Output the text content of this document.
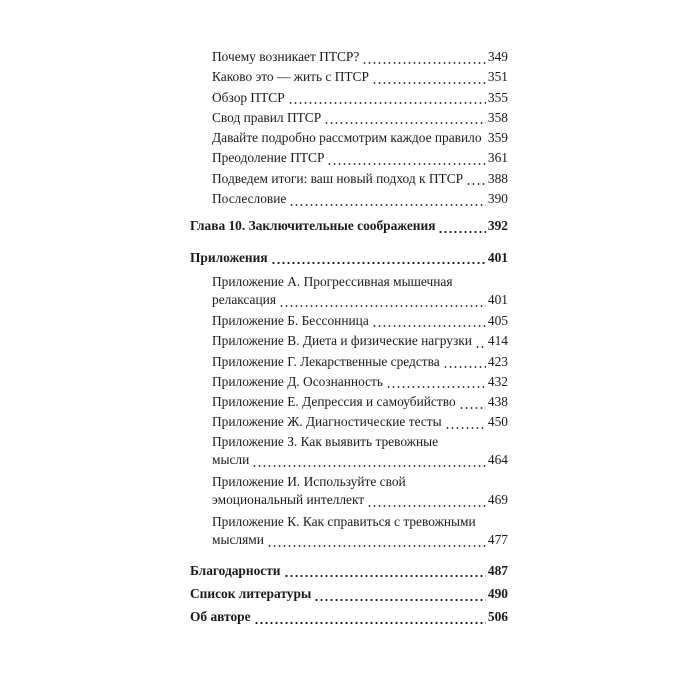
Почему возникает ПТСР?	349
Каково это — жить с ПТСР	351
Обзор ПТСР	355
Свод правил ПТСР	358
Давайте подробно рассмотрим каждое правило 359
Преодоление ПТСР	361
Подведем итоги: ваш новый подход к ПТСР 388
Послесловие	390
Глава 10. Заключительные соображения	392
Приложения	401
Приложение А. Прогрессивная мышечная
релаксация	401
Приложение Б. Бессонница	405
Приложение В. Диета и физические нагрузки 414
Приложение Г. Лекарственные средства	423
Приложение Д. Осознанность	432
Приложение Е. Депрессия и самоубийство 438
Приложение Ж. Диагностические тесты	450
Приложение З. Как выявить тревожные
мысли	464
Приложение И. Используйте свой
эмоциональный интеллект	469
Приложение К. Как справиться с тревожными
мыслями	477
Благодарности	487
Список литературы	490
Об авторе	506
